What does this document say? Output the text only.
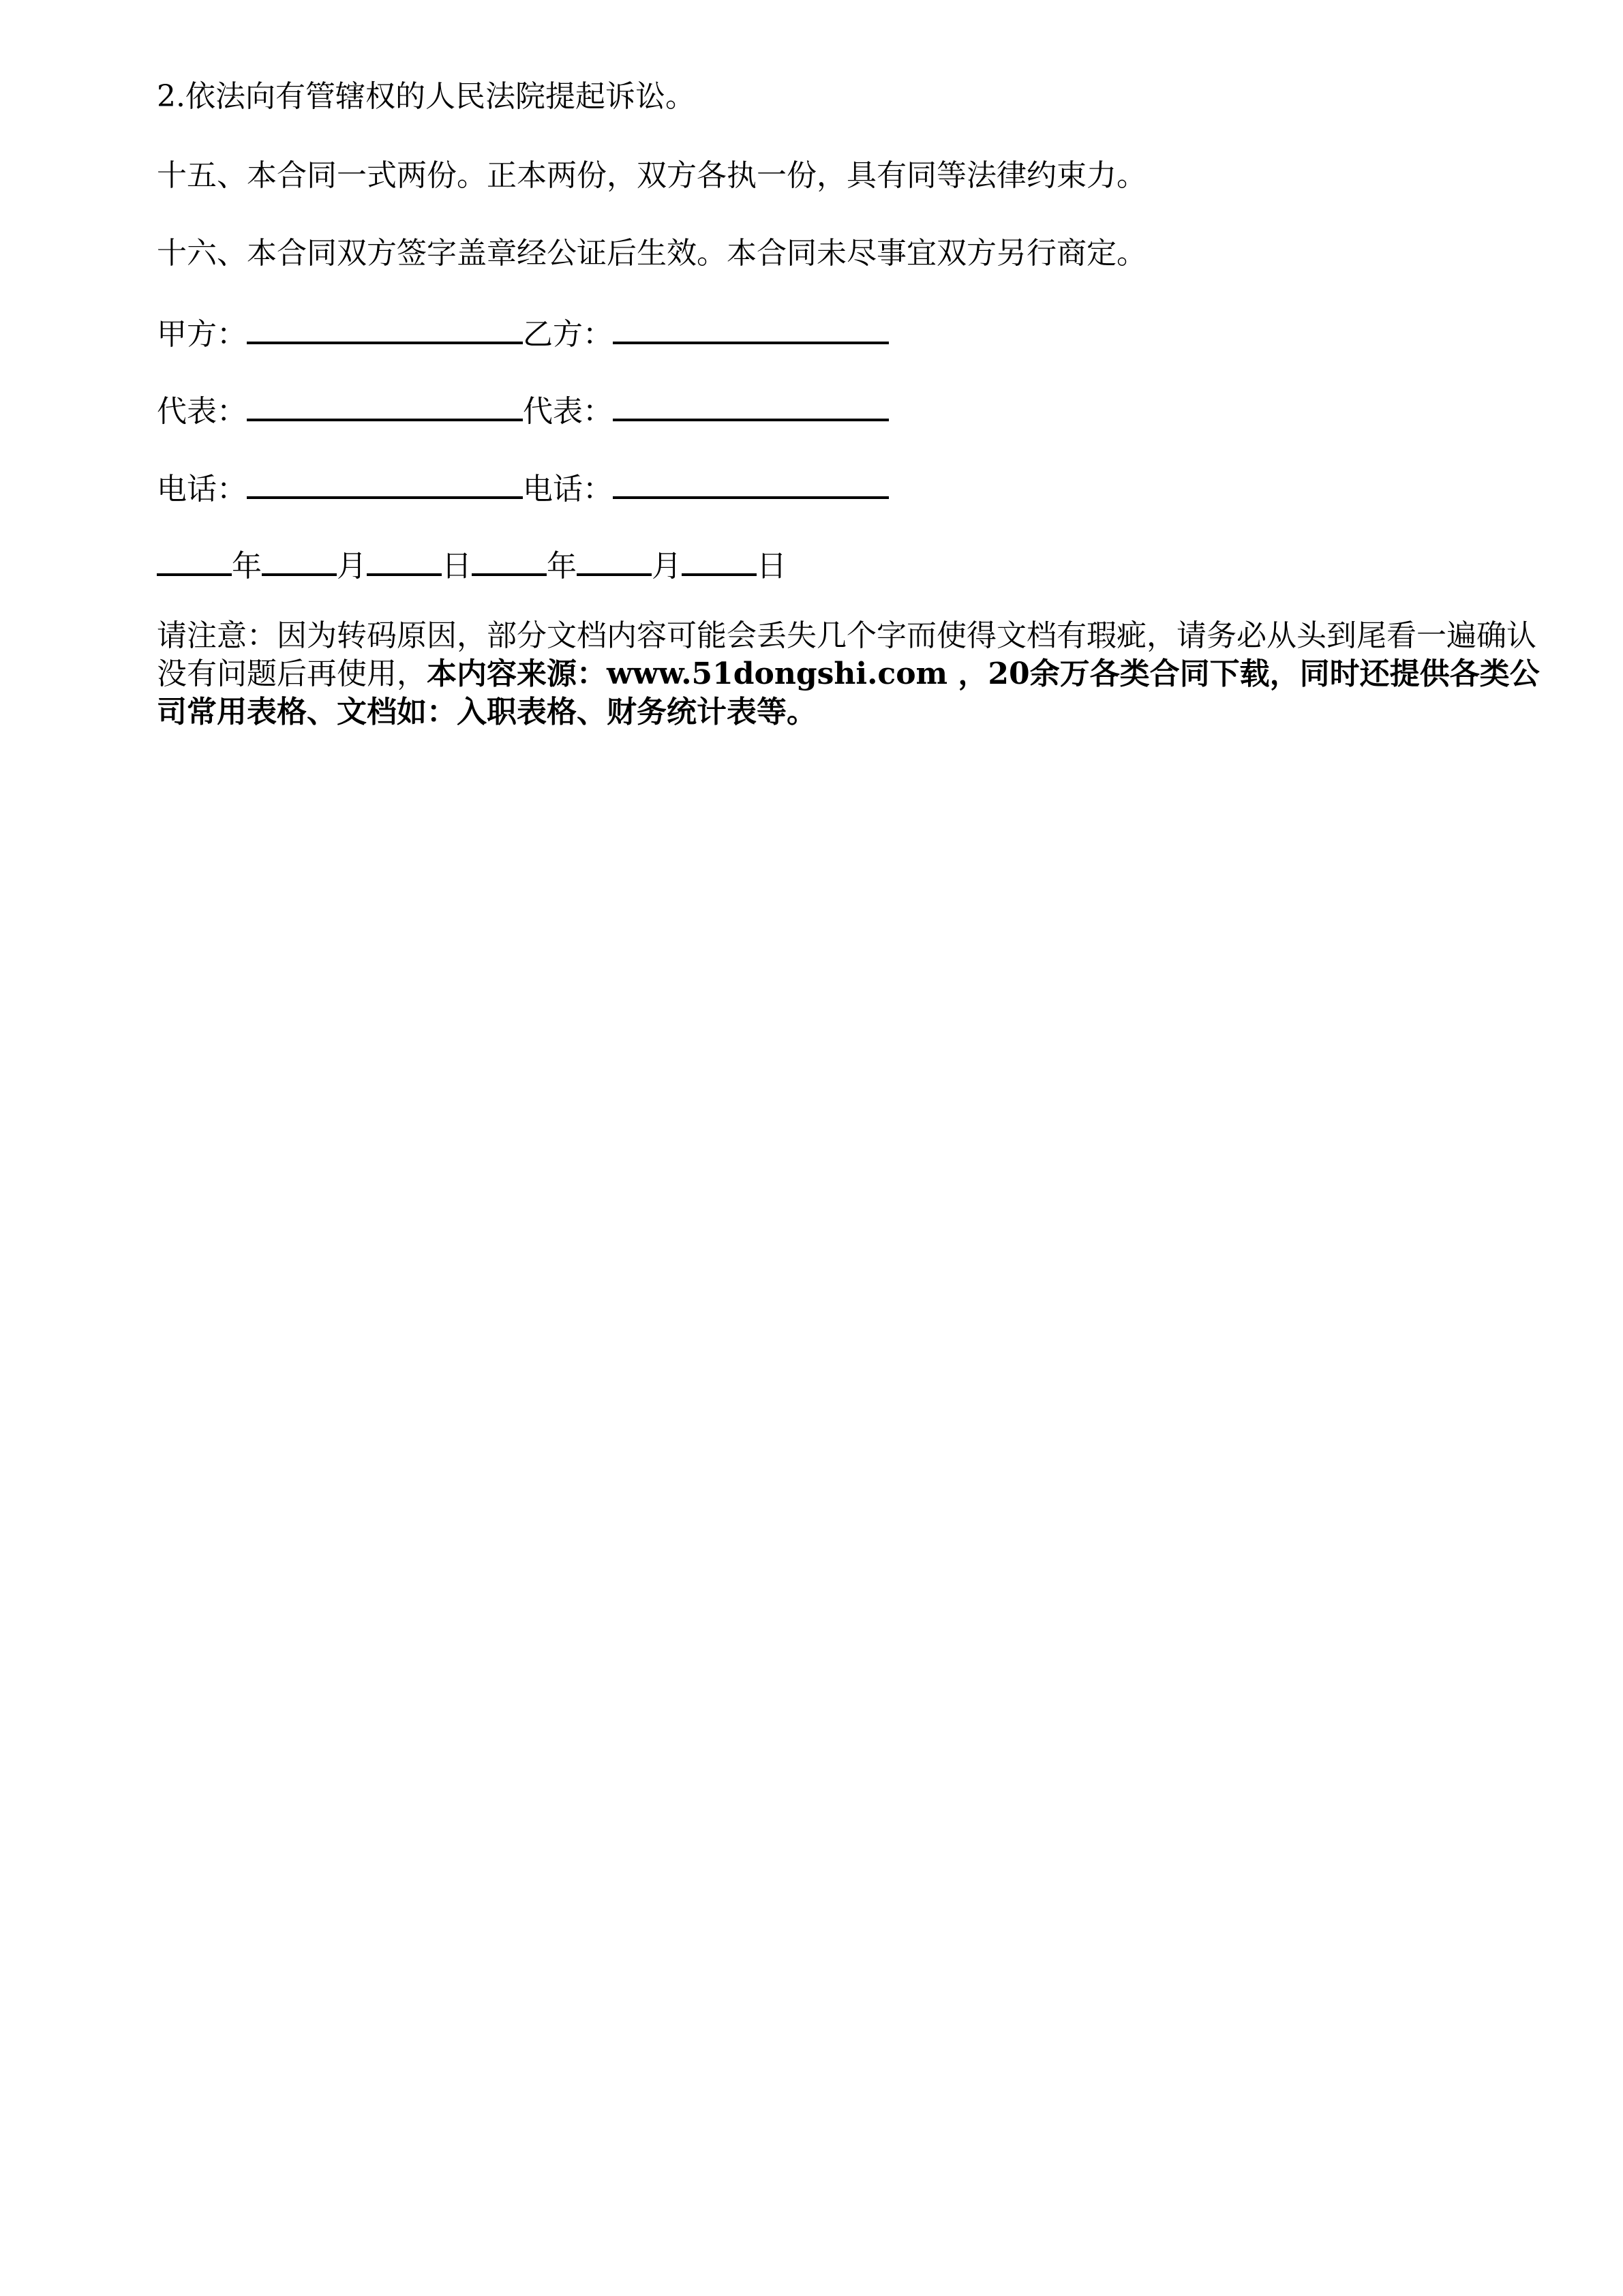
2.依法向有管辖权的人民法院提起诉讼。
十五、本合同一式两份。正本两份，双方各执一份，具有同等法律约束力。
十六、本合同双方签字盖章经公证后生效。本合同未尽事宜双方另行商定。
甲方：	乙方：
代表：	代表：
电话：	电话：
年	月	日	年	月	日
请注意：因为转码原因，部分文档内容可能会丢失几个字而使得文档有瑕疵，请务必从头到尾看一遍确认没有问题后再使用，本内容来源：www.51dongshi.com ，20余万各类合同下载，同时还提供各类公司常用表格、文档如：入职表格、财务统计表等。
